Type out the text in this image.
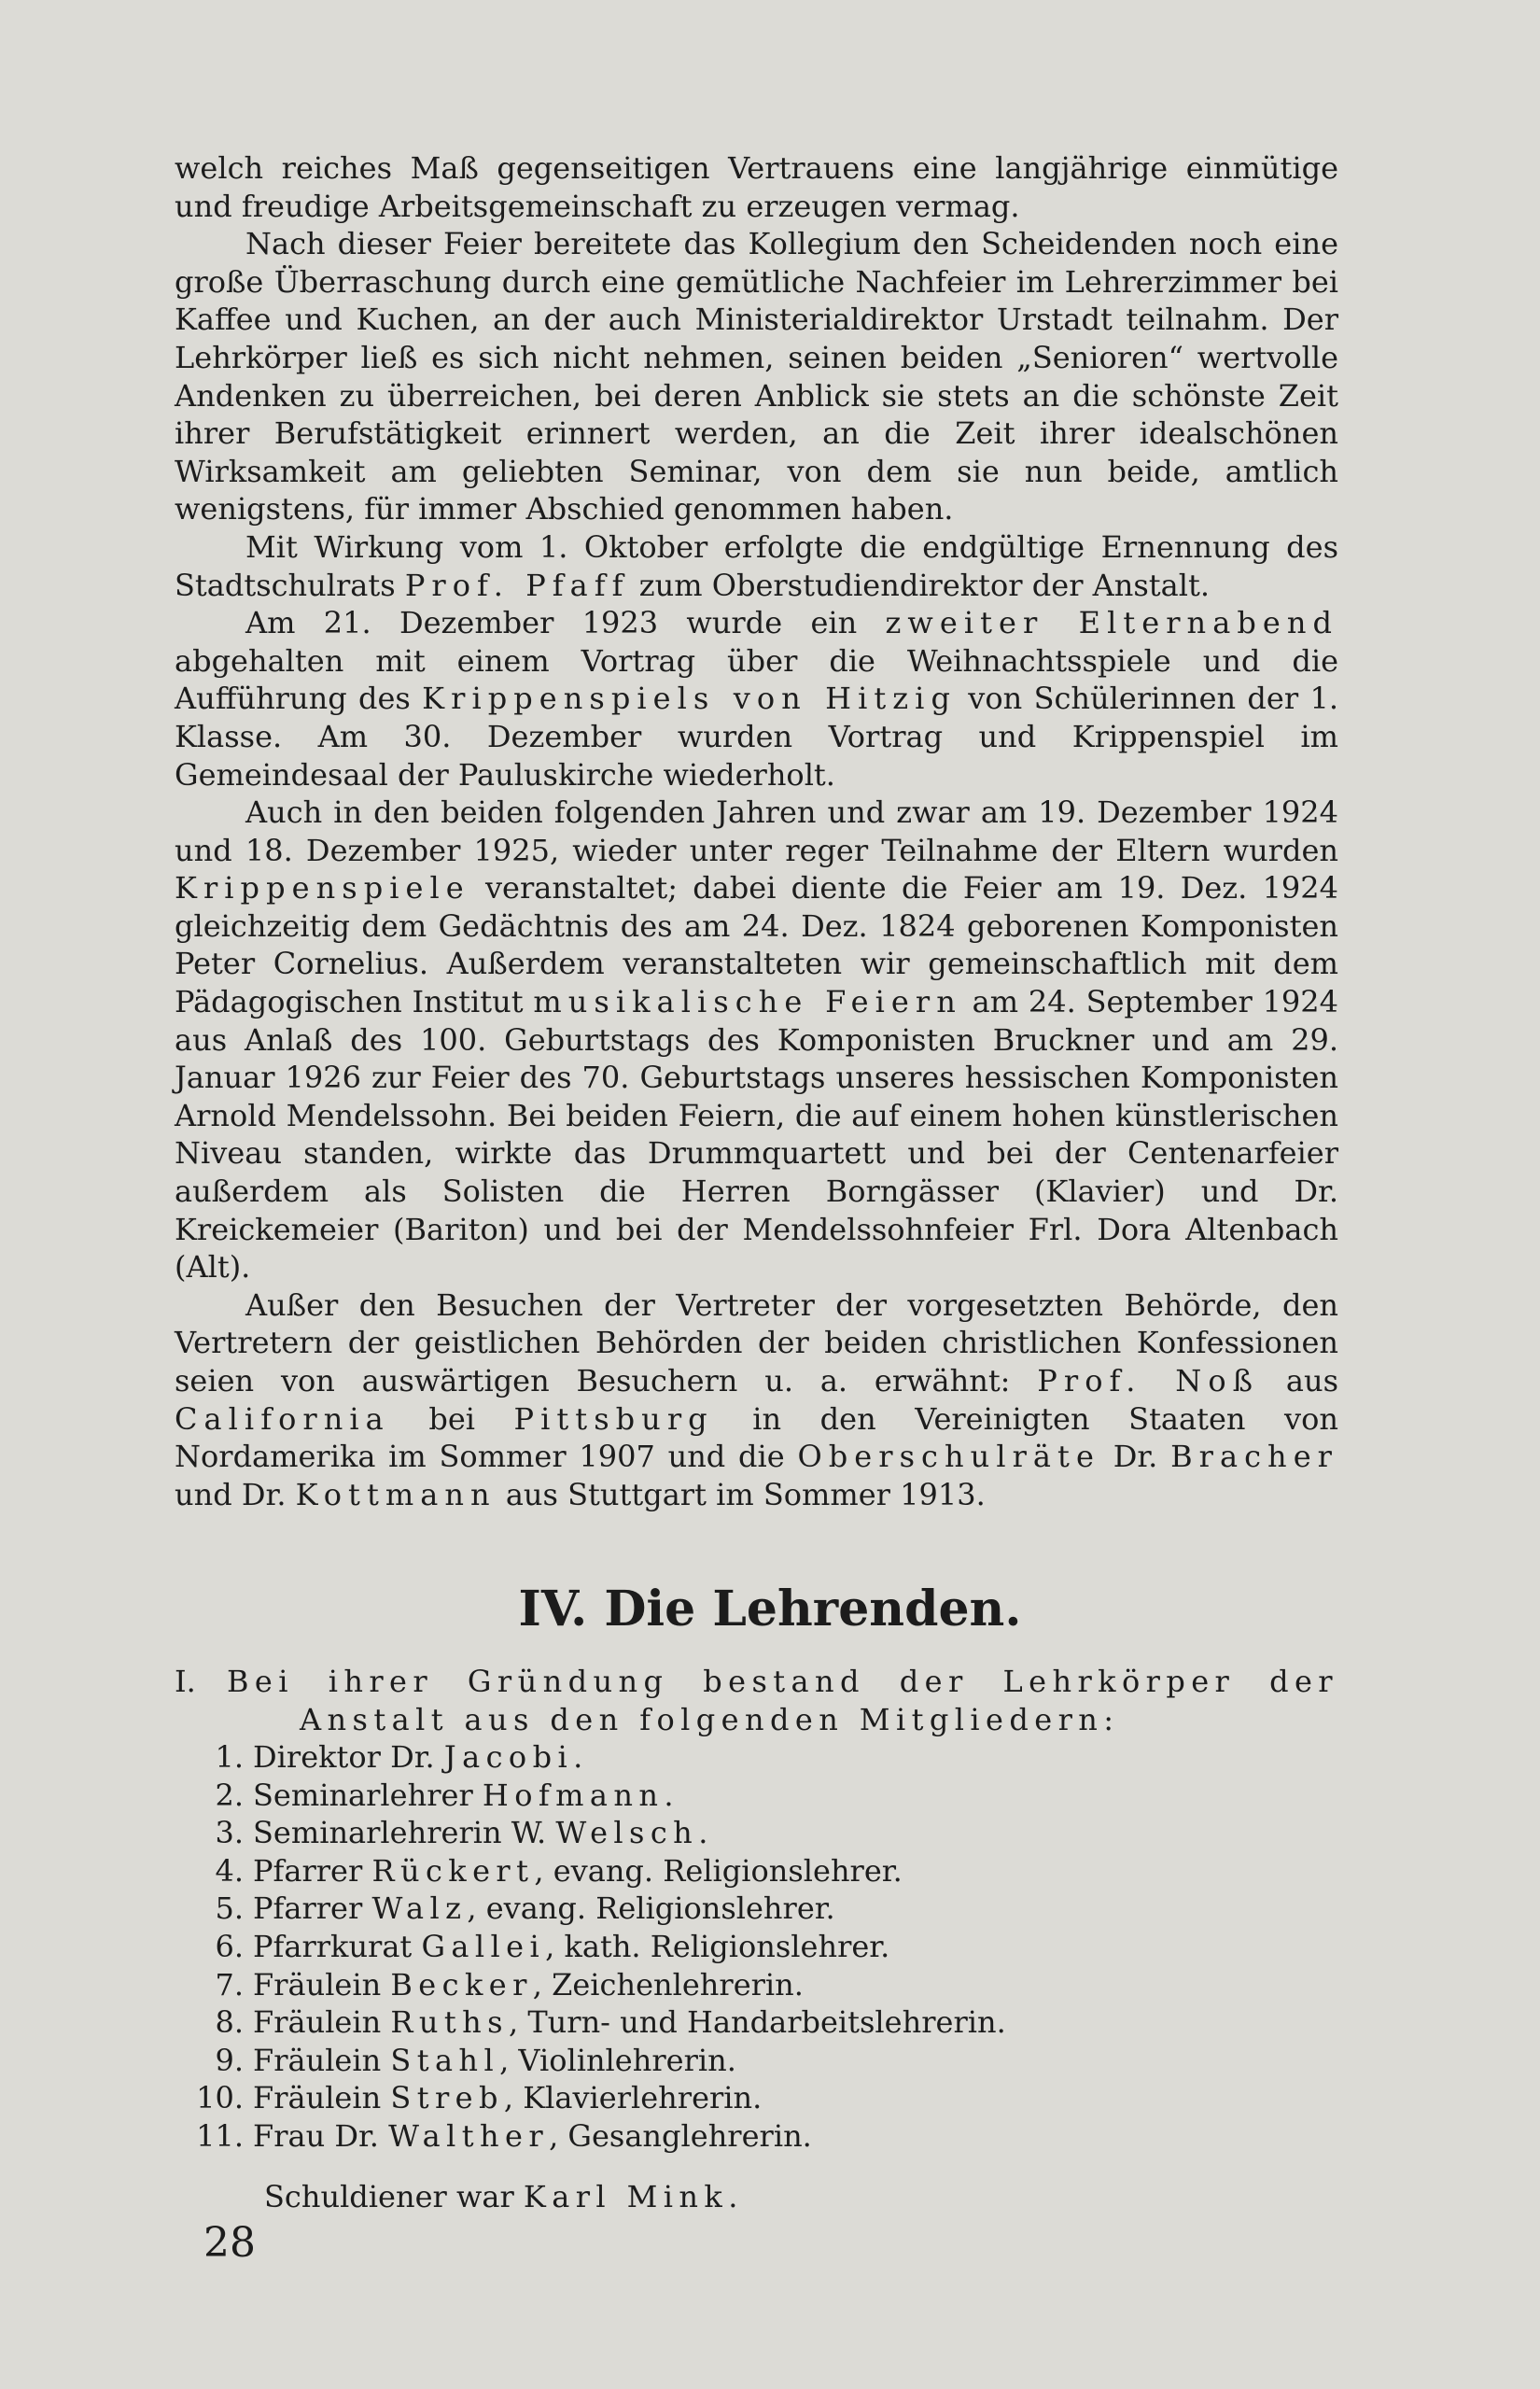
welch reiches Maß gegenseitigen Vertrauens eine langjährige einmütige und freudige Arbeitsgemeinschaft zu erzeugen vermag.

Nach dieser Feier bereitete das Kollegium den Scheidenden noch eine große Überraschung durch eine gemütliche Nachfeier im Lehrerzimmer bei Kaffee und Kuchen, an der auch Ministerialdirektor Urstadt teilnahm. Der Lehrkörper ließ es sich nicht nehmen, seinen beiden „Senioren“ wertvolle Andenken zu überreichen, bei deren Anblick sie stets an die schönste Zeit ihrer Berufstätigkeit erinnert werden, an die Zeit ihrer idealschönen Wirksamkeit am geliebten Seminar, von dem sie nun beide, amtlich wenigstens, für immer Abschied genommen haben.

Mit Wirkung vom 1. Oktober erfolgte die endgültige Ernennung des Stadtschulrats Prof. Pfaff zum Oberstudiendirektor der Anstalt.

Am 21. Dezember 1923 wurde ein zweiter Elternabend abgehalten mit einem Vortrag über die Weihnachtsspiele und die Aufführung des Krippenspiels von Hitzig von Schülerinnen der 1. Klasse. Am 30. Dezember wurden Vortrag und Krippenspiel im Gemeindesaal der Pauluskirche wiederholt.

Auch in den beiden folgenden Jahren und zwar am 19. Dezember 1924 und 18. Dezember 1925, wieder unter reger Teilnahme der Eltern wurden Krippenspiele veranstaltet; dabei diente die Feier am 19. Dez. 1924 gleichzeitig dem Gedächtnis des am 24. Dez. 1824 geborenen Komponisten Peter Cornelius. Außerdem veranstalteten wir gemeinschaftlich mit dem Pädagogischen Institut musikalische Feiern am 24. September 1924 aus Anlaß des 100. Geburtstags des Komponisten Bruckner und am 29. Januar 1926 zur Feier des 70. Geburtstags unseres hessischen Komponisten Arnold Mendelssohn. Bei beiden Feiern, die auf einem hohen künstlerischen Niveau standen, wirkte das Drummquartett und bei der Centenarfeier außerdem als Solisten die Herren Borngässer (Klavier) und Dr. Kreickemeier (Bariton) und bei der Mendelssohnfeier Frl. Dora Altenbach (Alt).

Außer den Besuchen der Vertreter der vorgesetzten Behörde, den Vertretern der geistlichen Behörden der beiden christlichen Konfessionen seien von auswärtigen Besuchern u. a. erwähnt: Prof. Noß aus California bei Pittsburg in den Vereinigten Staaten von Nordamerika im Sommer 1907 und die Oberschulräte Dr. Bracher und Dr. Kottmann aus Stuttgart im Sommer 1913.

IV. Die Lehrenden.
I.	Bei ihrer Gründung bestand der Lehrkörper der
Anstalt aus den folgenden Mitgliedern:
1. Direktor Dr. Jacobi.
2. Seminarlehrer Hofmann.
3. Seminarlehrerin W. Welsch.
4. Pfarrer Rückert, evang. Religionslehrer.
5. Pfarrer Walz, evang. Religionslehrer.
6. Pfarrkurat Gallei, kath. Religionslehrer.
7. Fräulein Becker, Zeichenlehrerin.
8. Fräulein Ruths, Turn- und Handarbeitslehrerin.
9. Fräulein Stahl, Violinlehrerin.
10. Fräulein Streb, Klavierlehrerin.
11. Frau Dr. Walther, Gesanglehrerin.
Schuldiener war Karl Mink.
28
